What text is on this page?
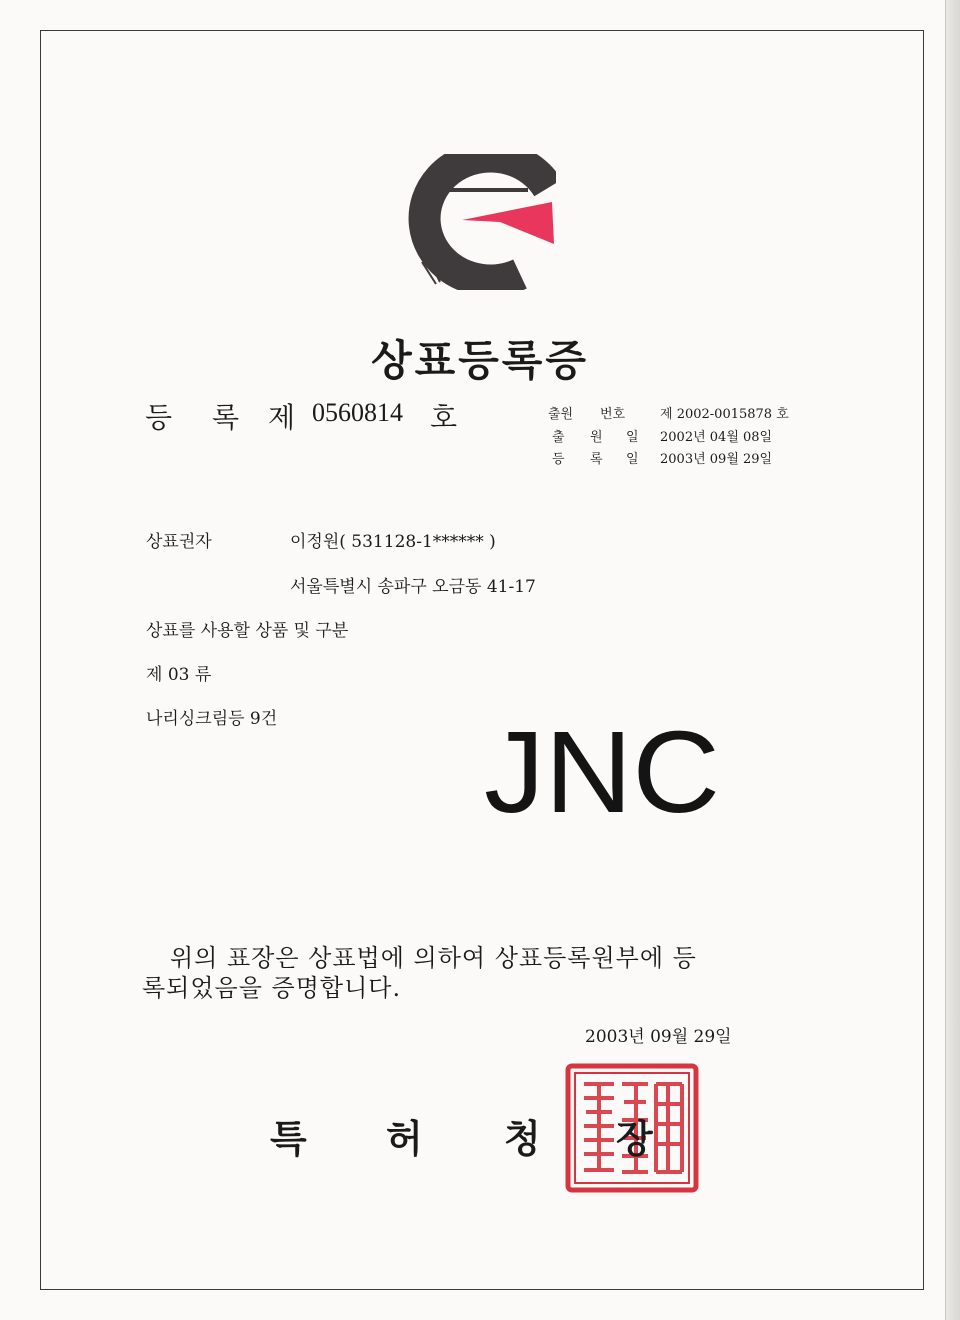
상표등록증
등 록 제 0560814 호	출원 번호	제 2002-0015878 호
출 원 일 2002년 04월 08일
등 록 일 2003년 09월 29일
상표권자	이정원( 531128-1****** )
서울특별시 송파구 오금동 41-17
상표를 사용할 상품 및 구분
제 03 류
나리싱크림등 9건 JNC
위의 표장은 상표법에 의하여 상표등록원부에 등
록되었음을 증명합니다.
2003년 09월 29일
특 허 청 장
